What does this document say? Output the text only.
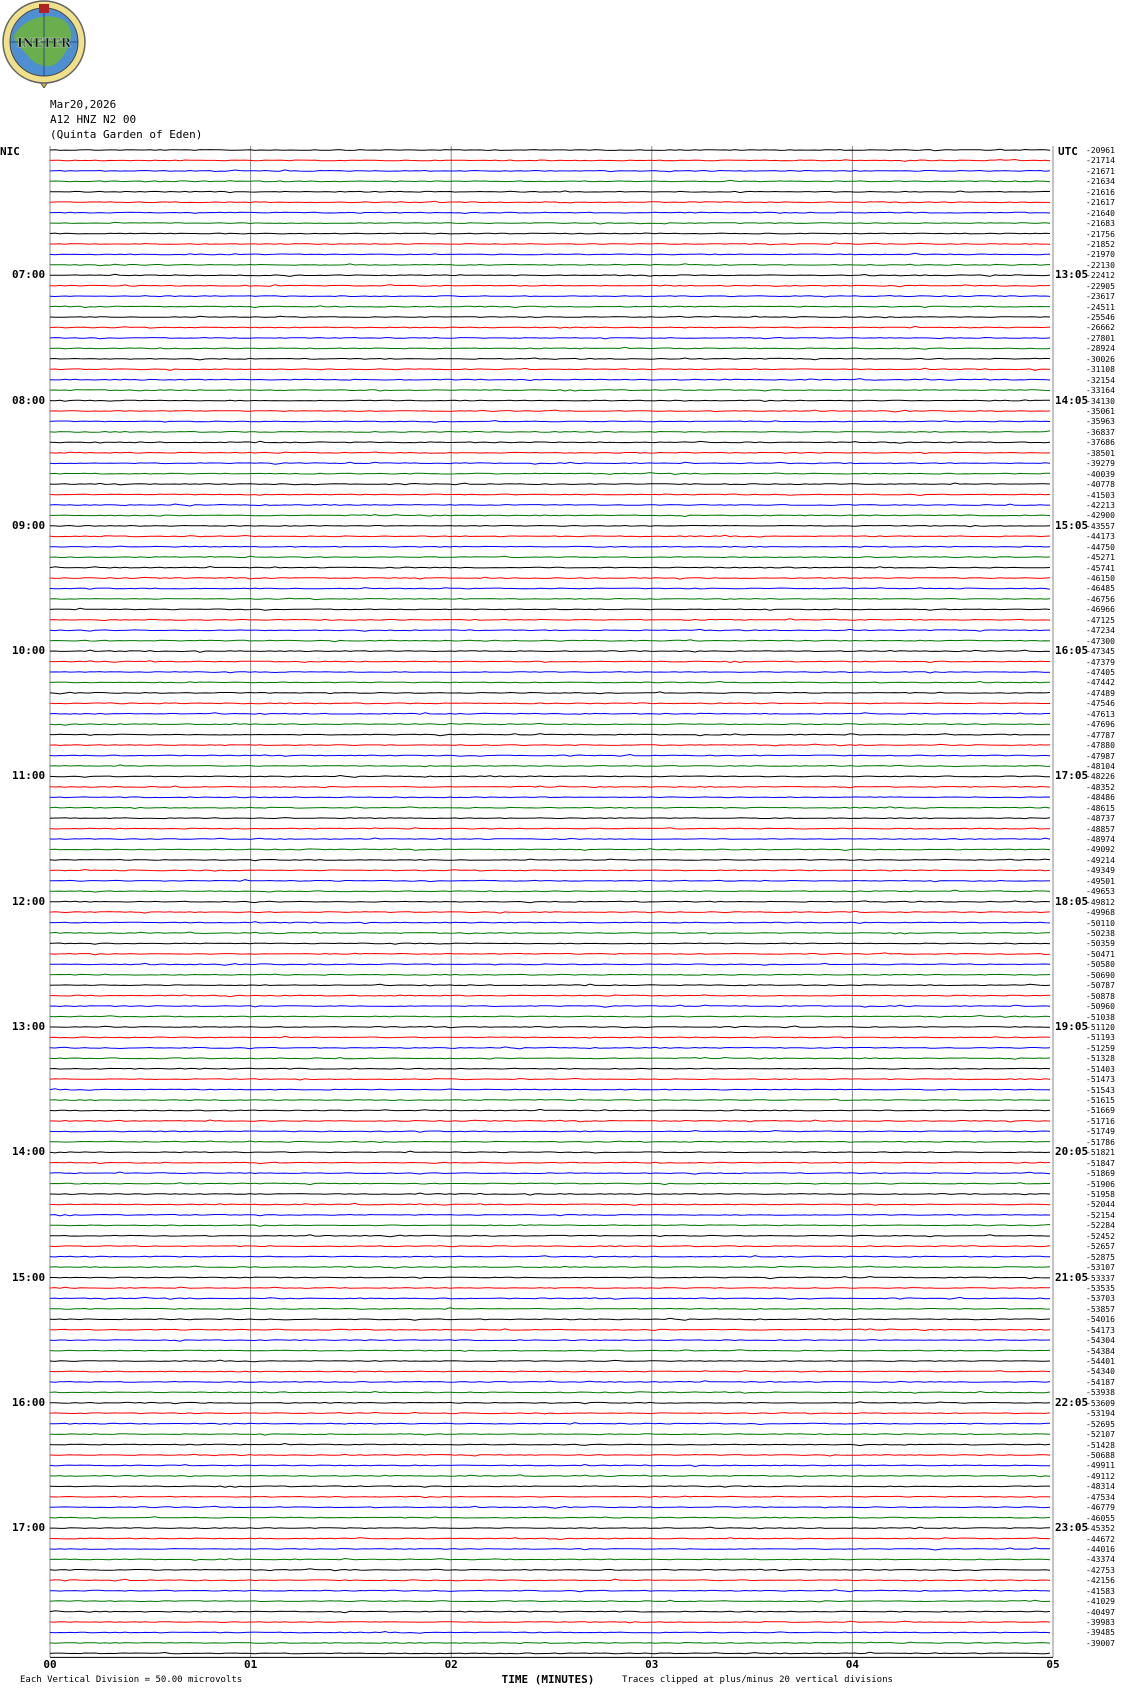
INETER
Mar20,2026
A12 HNZ N2 00
(Quinta Garden of Eden)
NIC	UTC
00	01	02	03	04	05
07:00
08:00
09:00
10:00
11:00
12:00
13:00
14:00
15:00
16:00
17:00
13:05
14:05
15:05
16:05
17:05
18:05
19:05
20:05
21:05
22:05
23:05
-20961
-21714
-21671
-21634
-21616
-21617
-21640
-21683
-21756
-21852
-21970
-22130
-22412
-22905
-23617
-24511
-25546
-26662
-27801
-28924
-30026
-31108
-32154
-33164
-34130
-35061
-35963
-36837
-37686
-38501
-39279
-40039
-40778
-41503
-42213
-42900
-43557
-44173
-44750
-45271
-45741
-46150
-46485
-46756
-46966
-47125
-47234
-47300
-47345
-47379
-47405
-47442
-47489
-47546
-47613
-47696
-47787
-47880
-47987
-48104
-48226
-48352
-48486
-48615
-48737
-48857
-48974
-49092
-49214
-49349
-49501
-49653
-49812
-49968
-50110
-50238
-50359
-50471
-50580
-50690
-50787
-50878
-50960
-51038
-51120
-51193
-51259
-51328
-51403
-51473
-51543
-51615
-51669
-51716
-51749
-51786
-51821
-51847
-51869
-51906
-51958
-52044
-52154
-52284
-52452
-52657
-52875
-53107
-53337
-53535
-53703
-53857
-54016
-54173
-54304
-54384
-54401
-54340
-54187
-53938
-53609
-53194
-52695
-52107
-51428
-50688
-49911
-49112
-48314
-47534
-46779
-46055
-45352
-44672
-44016
-43374
-42753
-42156
-41583
-41029
-40497
-39983
-39485
-39007
Each Vertical Division = 50.00 microvolts	TIME (MINUTES)	Traces clipped at plus/minus 20 vertical divisions
